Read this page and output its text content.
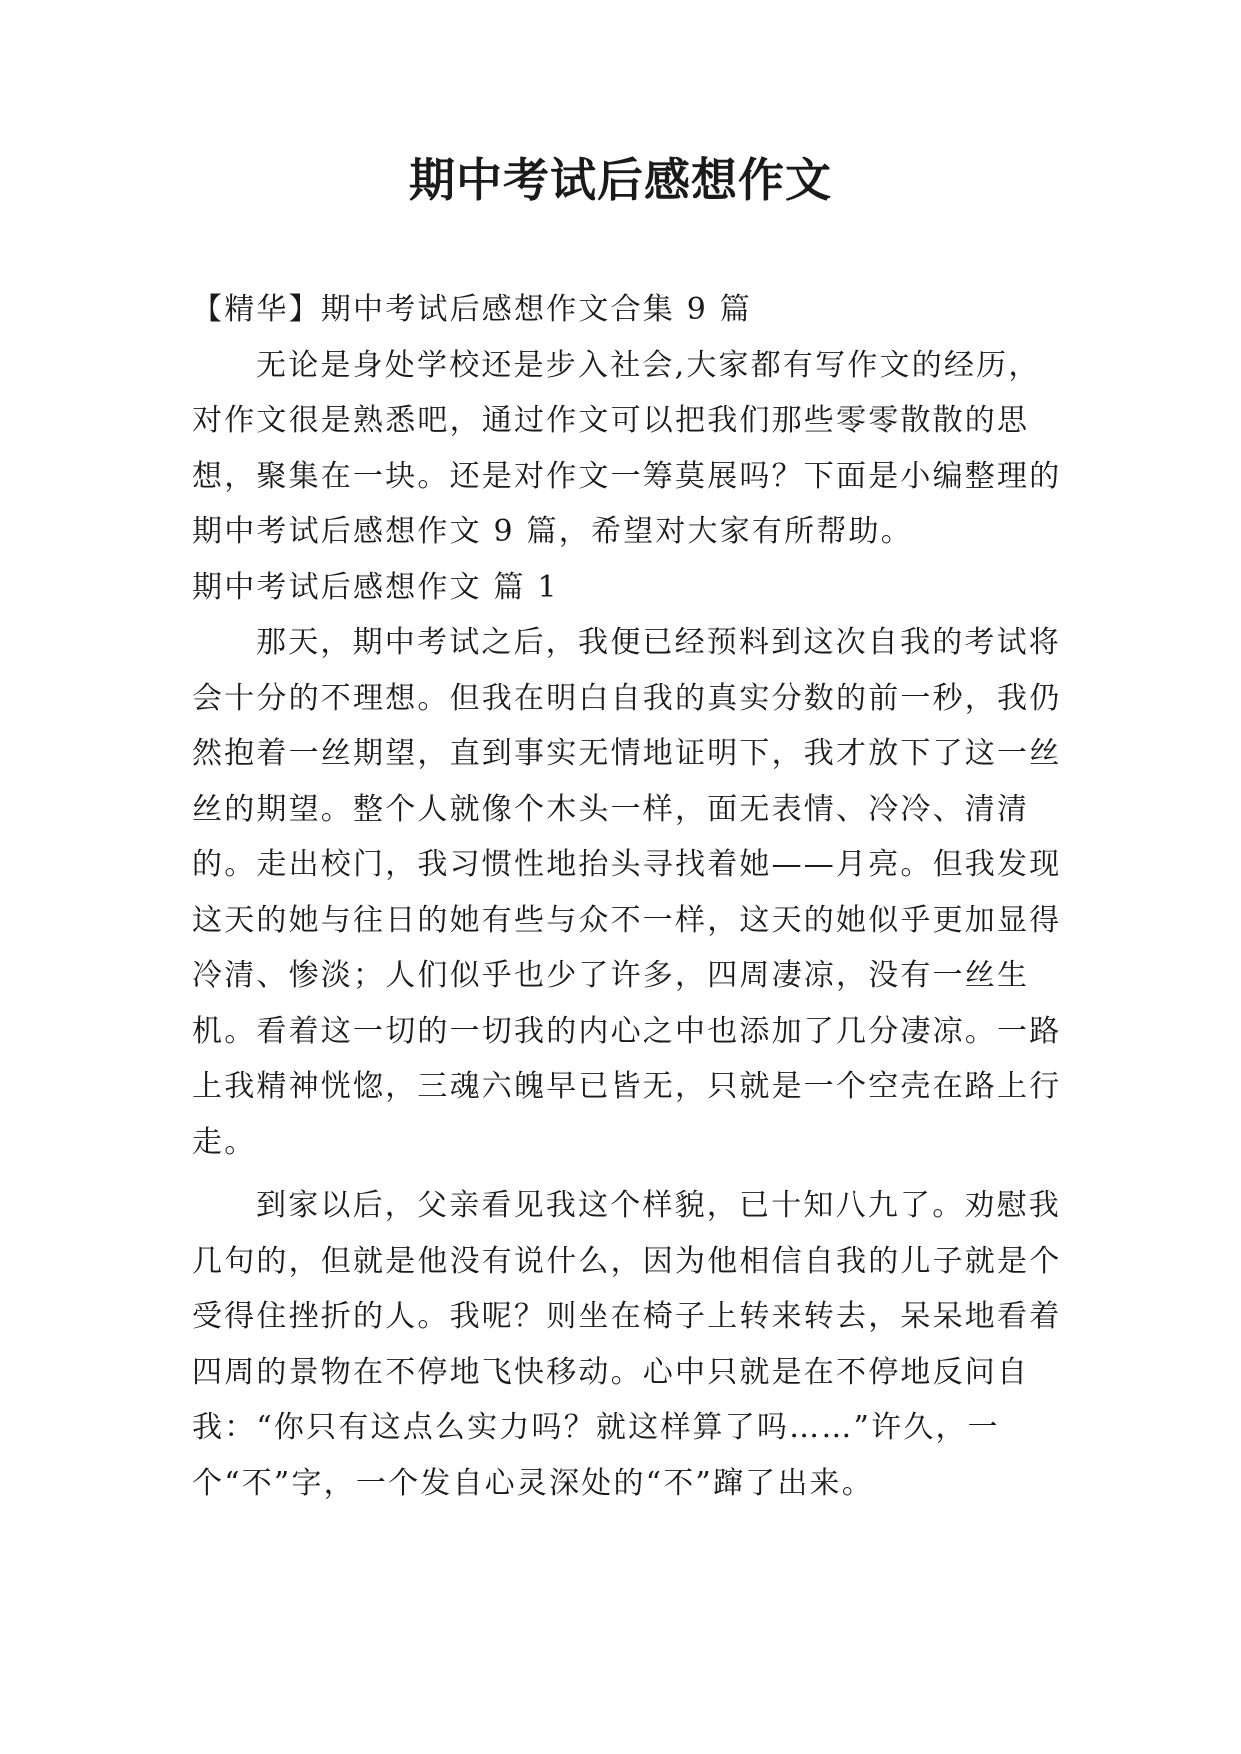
期中考试后感想作文

【精华】期中考试后感想作文合集 9 篇

无论是身处学校还是步入社会,大家都有写作文的经历，对作文很是熟悉吧，通过作文可以把我们那些零零散散的思想，聚集在一块。还是对作文一筹莫展吗？下面是小编整理的期中考试后感想作文 9 篇，希望对大家有所帮助。

期中考试后感想作文 篇 1

那天，期中考试之后，我便已经预料到这次自我的考试将会十分的不理想。但我在明白自我的真实分数的前一秒，我仍然抱着一丝期望，直到事实无情地证明下，我才放下了这一丝丝的期望。整个人就像个木头一样，面无表情、冷冷、清清的。走出校门，我习惯性地抬头寻找着她——月亮。但我发现这天的她与往日的她有些与众不一样，这天的她似乎更加显得冷清、惨淡；人们似乎也少了许多，四周凄凉，没有一丝生机。看着这一切的一切我的内心之中也添加了几分凄凉。一路上我精神恍惚，三魂六魄早已皆无，只就是一个空壳在路上行走。

到家以后，父亲看见我这个样貌，已十知八九了。劝慰我几句的，但就是他没有说什么，因为他相信自我的儿子就是个受得住挫折的人。我呢？则坐在椅子上转来转去，呆呆地看着四周的景物在不停地飞快移动。心中只就是在不停地反问自我：“你只有这点么实力吗？就这样算了吗……”许久，一个“不”字，一个发自心灵深处的“不”蹿了出来。
